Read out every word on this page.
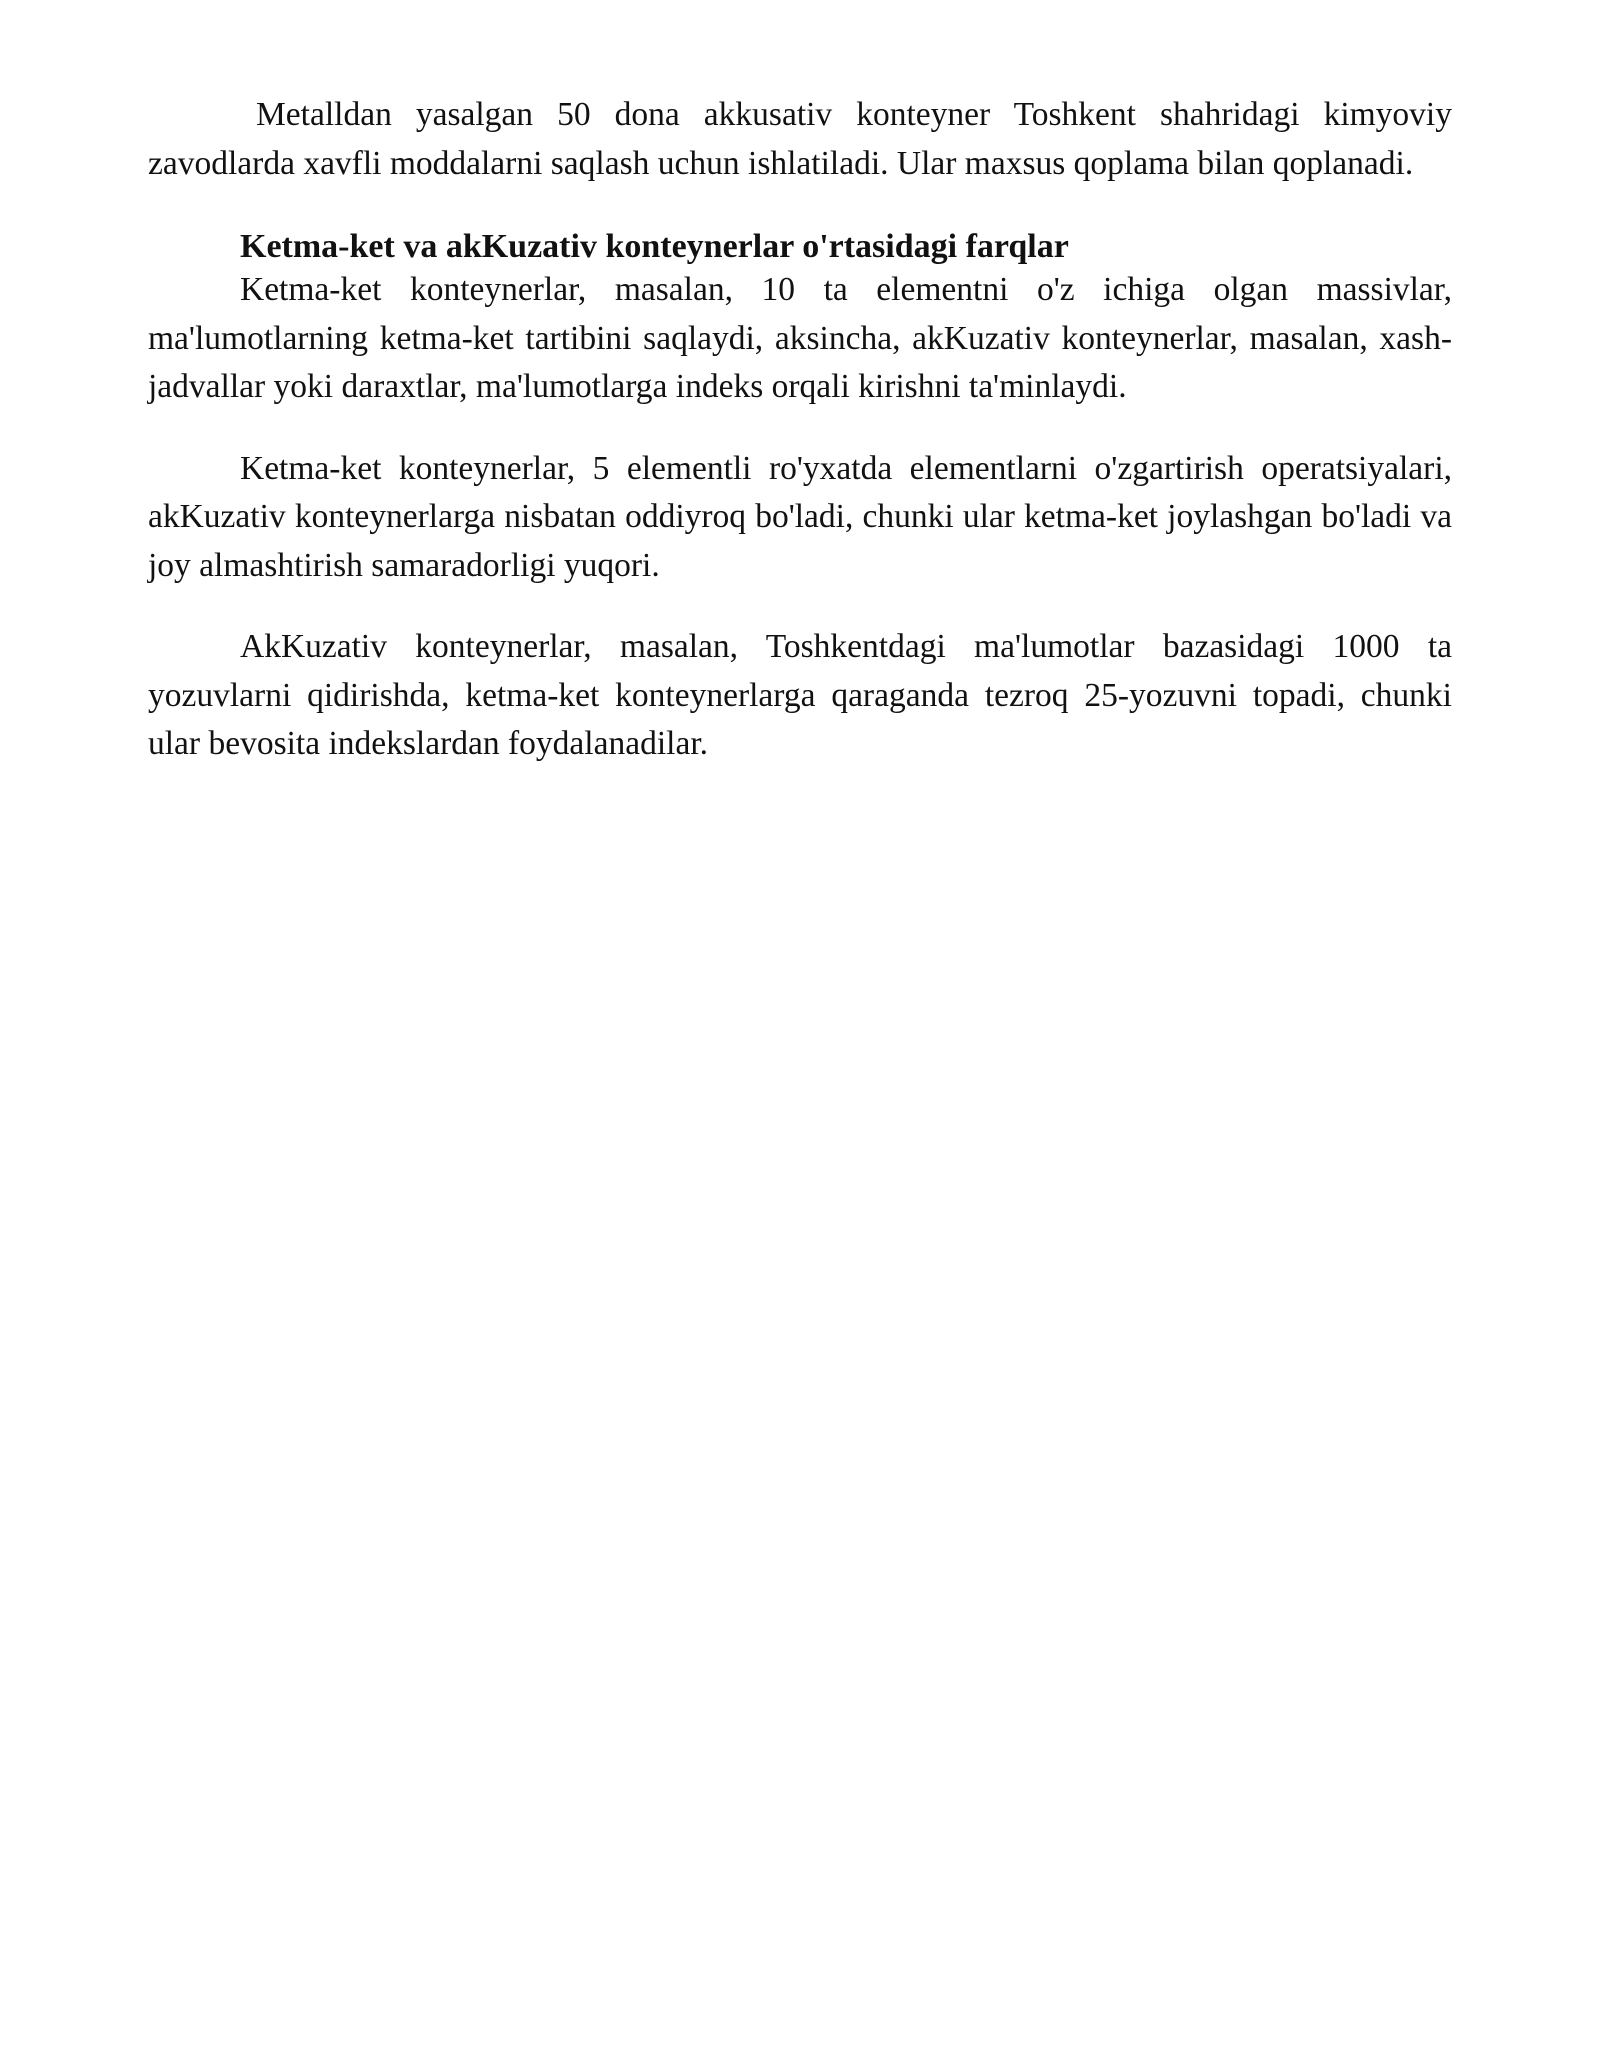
Metalldan yasalgan 50 dona akkusativ konteyner Toshkent shahridagi kimyoviy zavodlarda xavfli moddalarni saqlash uchun ishlatiladi. Ular maxsus qoplama bilan qoplanadi.

Ketma-ket va akKuzativ konteynerlar o'rtasidagi farqlar

Ketma-ket konteynerlar, masalan, 10 ta elementni o'z ichiga olgan massivlar, ma'lumotlarning ketma-ket tartibini saqlaydi, aksincha, akKuzativ konteynerlar, masalan, xash-jadvallar yoki daraxtlar, ma'lumotlarga indeks orqali kirishni ta'minlaydi.

Ketma-ket konteynerlar, 5 elementli ro'yxatda elementlarni o'zgartirish operatsiyalari, akKuzativ konteynerlarga nisbatan oddiyroq bo'ladi, chunki ular ketma-ket joylashgan bo'ladi va joy almashtirish samaradorligi yuqori.

AkKuzativ konteynerlar, masalan, Toshkentdagi ma'lumotlar bazasidagi 1000 ta yozuvlarni qidirishda, ketma-ket konteynerlarga qaraganda tezroq 25-yozuvni topadi, chunki ular bevosita indekslardan foydalanadilar.
